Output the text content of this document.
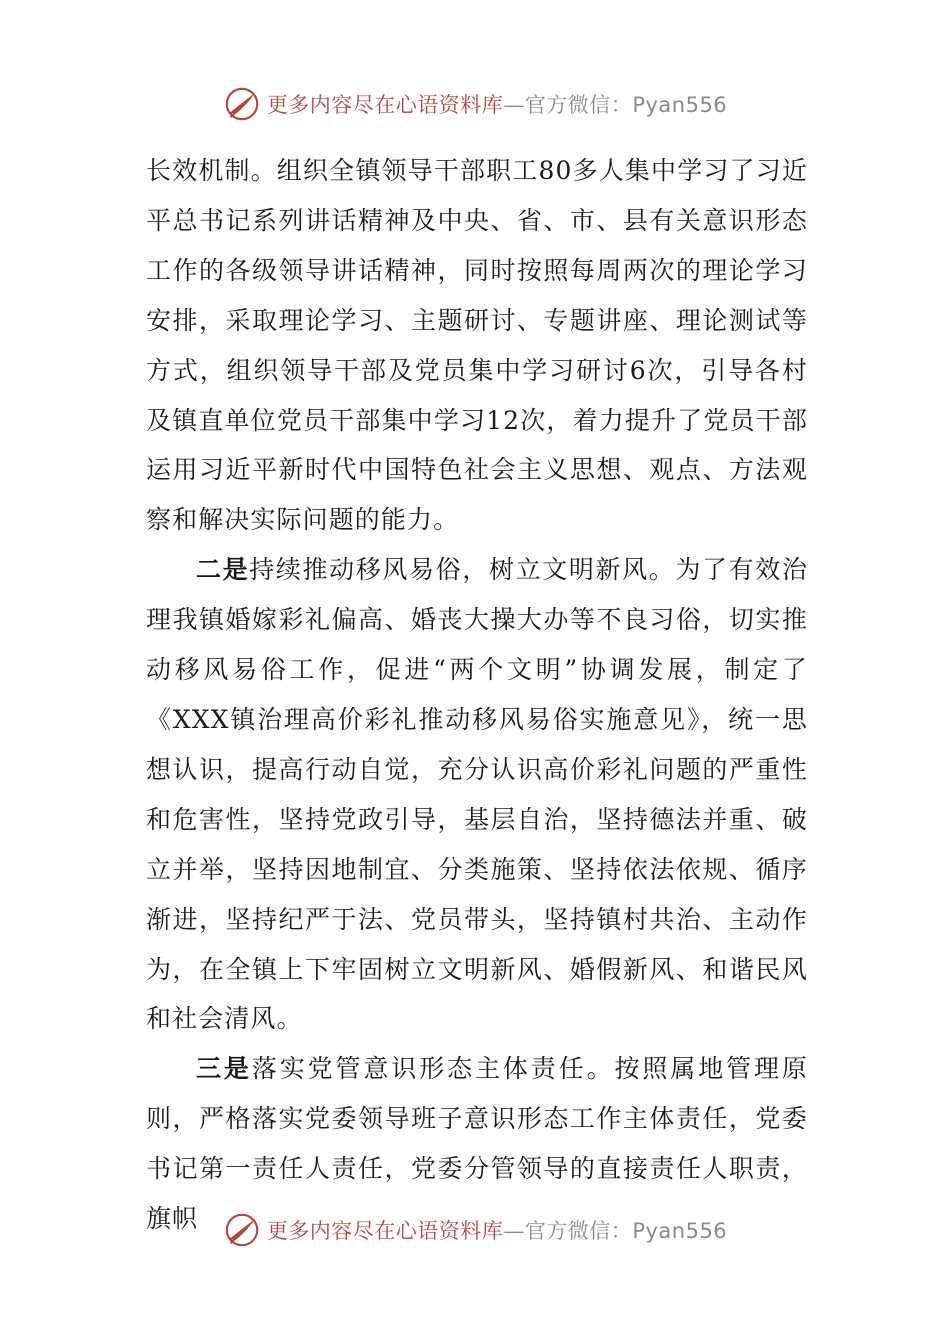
更多内容尽在心语资料库—官方微信：Pyan556

长效机制。组织全镇领导干部职工80多人集中学习了习近平总书记系列讲话精神及中央、省、市、县有关意识形态工作的各级领导讲话精神，同时按照每周两次的理论学习安排，采取理论学习、主题研讨、专题讲座、理论测试等方式，组织领导干部及党员集中学习研讨6次，引导各村及镇直单位党员干部集中学习12次，着力提升了党员干部运用习近平新时代中国特色社会主义思想、观点、方法观察和解决实际问题的能力。

二是持续推动移风易俗，树立文明新风。为了有效治理我镇婚嫁彩礼偏高、婚丧大操大办等不良习俗，切实推动移风易俗工作，促进“两个文明”协调发展，制定了《XXX镇治理高价彩礼推动移风易俗实施意见》，统一思想认识，提高行动自觉，充分认识高价彩礼问题的严重性和危害性，坚持党政引导，基层自治，坚持德法并重、破立并举，坚持因地制宜、分类施策、坚持依法依规、循序渐进，坚持纪严于法、党员带头，坚持镇村共治、主动作为，在全镇上下牢固树立文明新风、婚假新风、和谐民风和社会清风。

三是落实党管意识形态主体责任。按照属地管理原则，严格落实党委领导班子意识形态工作主体责任，党委书记第一责任人责任，党委分管领导的直接责任人职责，旗帜	更多内容尽在心语资料库—官方微信：Pyan556
